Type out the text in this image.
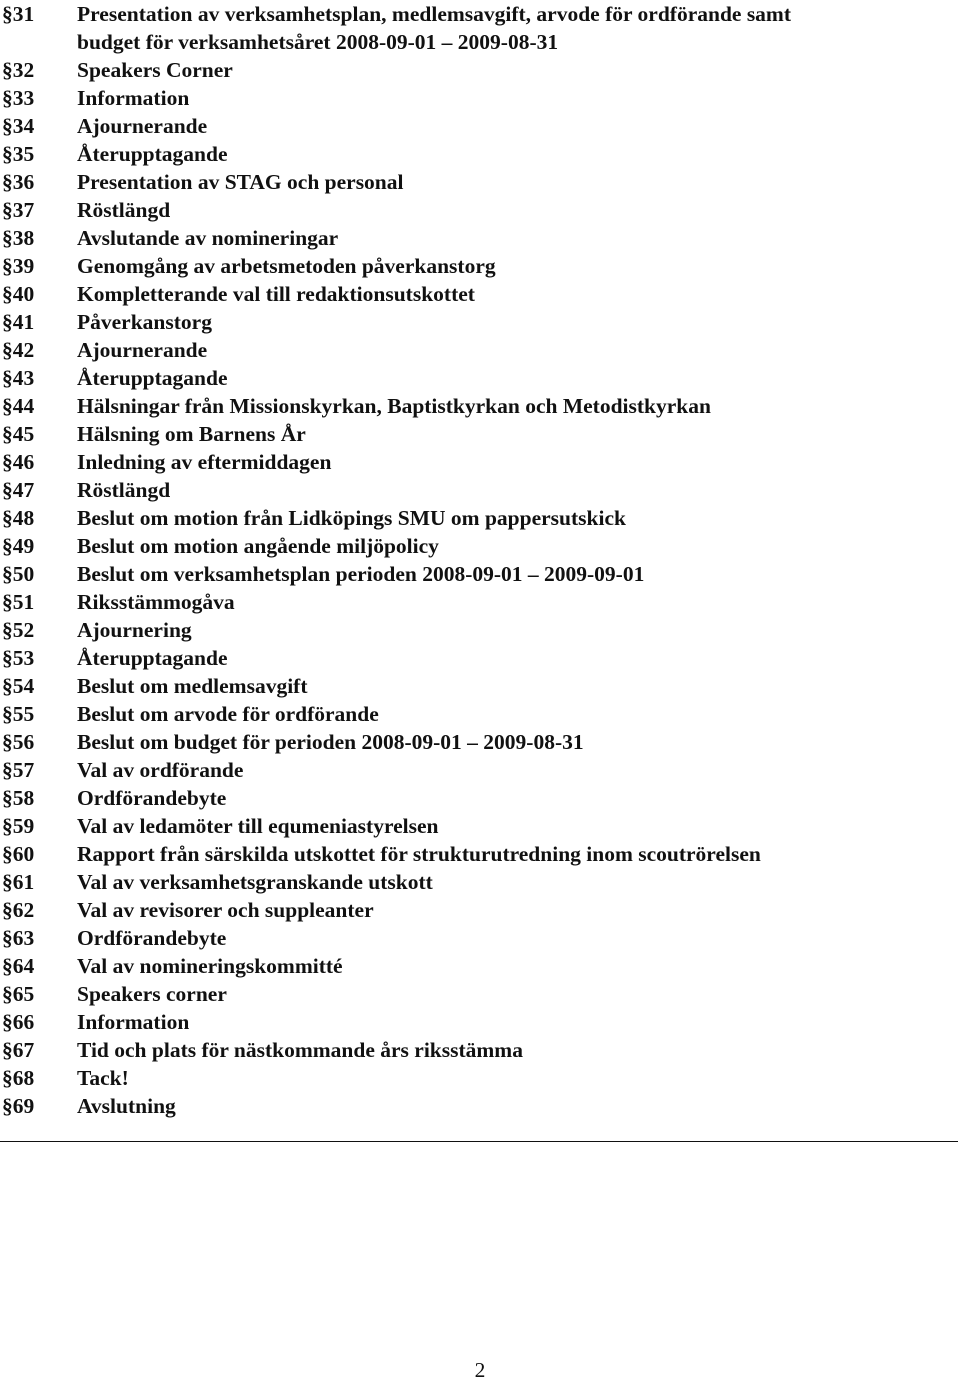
§31	Presentation av verksamhetsplan, medlemsavgift, arvode för ordförande samt
budget för verksamhetsåret 2008-09-01 – 2009-08-31
§32	Speakers Corner
§33	Information
§34	Ajournerande
§35	Återupptagande
§36	Presentation av STAG och personal
§37	Röstlängd
§38	Avslutande av nomineringar
§39	Genomgång av arbetsmetoden påverkanstorg
§40	Kompletterande val till redaktionsutskottet
§41	Påverkanstorg
§42	Ajournerande
§43	Återupptagande
§44	Hälsningar från Missionskyrkan, Baptistkyrkan och Metodistkyrkan
§45	Hälsning om Barnens År
§46	Inledning av eftermiddagen
§47	Röstlängd
§48	Beslut om motion från Lidköpings SMU om pappersutskick
§49	Beslut om motion angående miljöpolicy
§50	Beslut om verksamhetsplan perioden 2008-09-01 – 2009-09-01
§51	Riksstämmogåva
§52	Ajournering
§53	Återupptagande
§54	Beslut om medlemsavgift
§55	Beslut om arvode för ordförande
§56	Beslut om budget för perioden 2008-09-01 – 2009-08-31
§57	Val av ordförande
§58	Ordförandebyte
§59	Val av ledamöter till equmeniastyrelsen
§60	Rapport från särskilda utskottet för strukturutredning inom scoutrörelsen
§61	Val av verksamhetsgranskande utskott
§62	Val av revisorer och suppleanter
§63	Ordförandebyte
§64	Val av nomineringskommitté
§65	Speakers corner
§66	Information
§67	Tid och plats för nästkommande års riksstämma
§68	Tack!
§69	Avslutning
2
